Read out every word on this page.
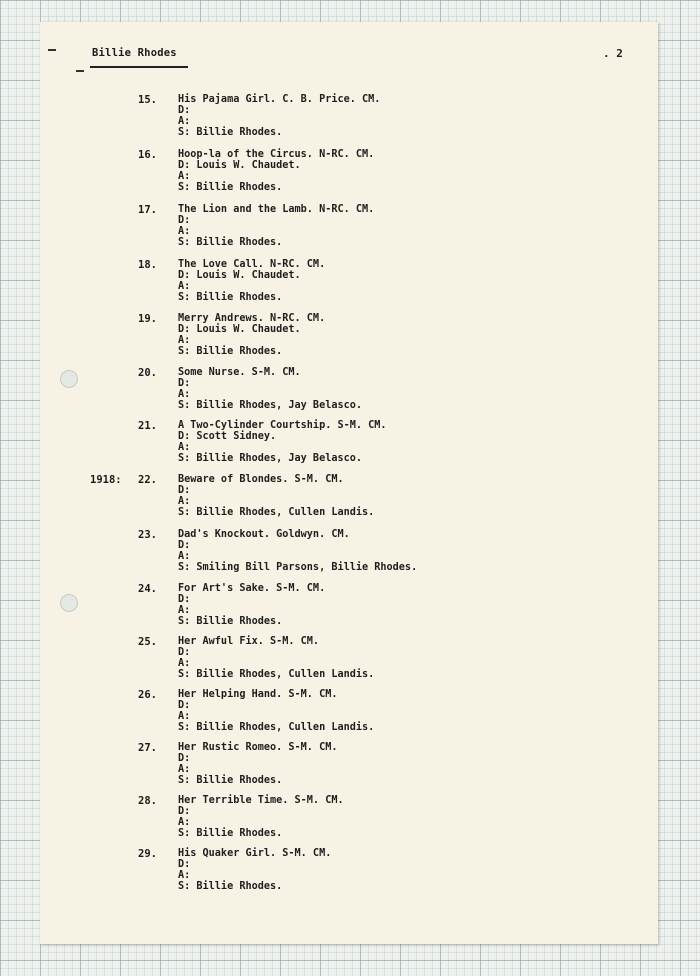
Billie Rhodes	. 2
1918:
15. His Pajama Girl. C. B. Price. CM.
D:
A:
S: Billie Rhodes.
16. Hoop-la of the Circus. N-RC. CM.
D: Louis W. Chaudet.
A:
S: Billie Rhodes.
17. The Lion and the Lamb. N-RC. CM.
D:
A:
S: Billie Rhodes.
18. The Love Call. N-RC. CM.
D: Louis W. Chaudet.
A:
S: Billie Rhodes.
19. Merry Andrews. N-RC. CM.
D: Louis W. Chaudet.
A:
S: Billie Rhodes.
20. Some Nurse. S-M. CM.
D:
A:
S: Billie Rhodes, Jay Belasco.
21. A Two-Cylinder Courtship. S-M. CM.
D: Scott Sidney.
A:
S: Billie Rhodes, Jay Belasco.
22. Beware of Blondes. S-M. CM.
D:
A:
S: Billie Rhodes, Cullen Landis.
23. Dad's Knockout. Goldwyn. CM.
D:
A:
S: Smiling Bill Parsons, Billie Rhodes.
24. For Art's Sake. S-M. CM.
D:
A:
S: Billie Rhodes.
25. Her Awful Fix. S-M. CM.
D:
A:
S: Billie Rhodes, Cullen Landis.
26. Her Helping Hand. S-M. CM.
D:
A:
S: Billie Rhodes, Cullen Landis.
27. Her Rustic Romeo. S-M. CM.
D:
A:
S: Billie Rhodes.
28. Her Terrible Time. S-M. CM.
D:
A:
S: Billie Rhodes.
29. His Quaker Girl. S-M. CM.
D:
A:
S: Billie Rhodes.
